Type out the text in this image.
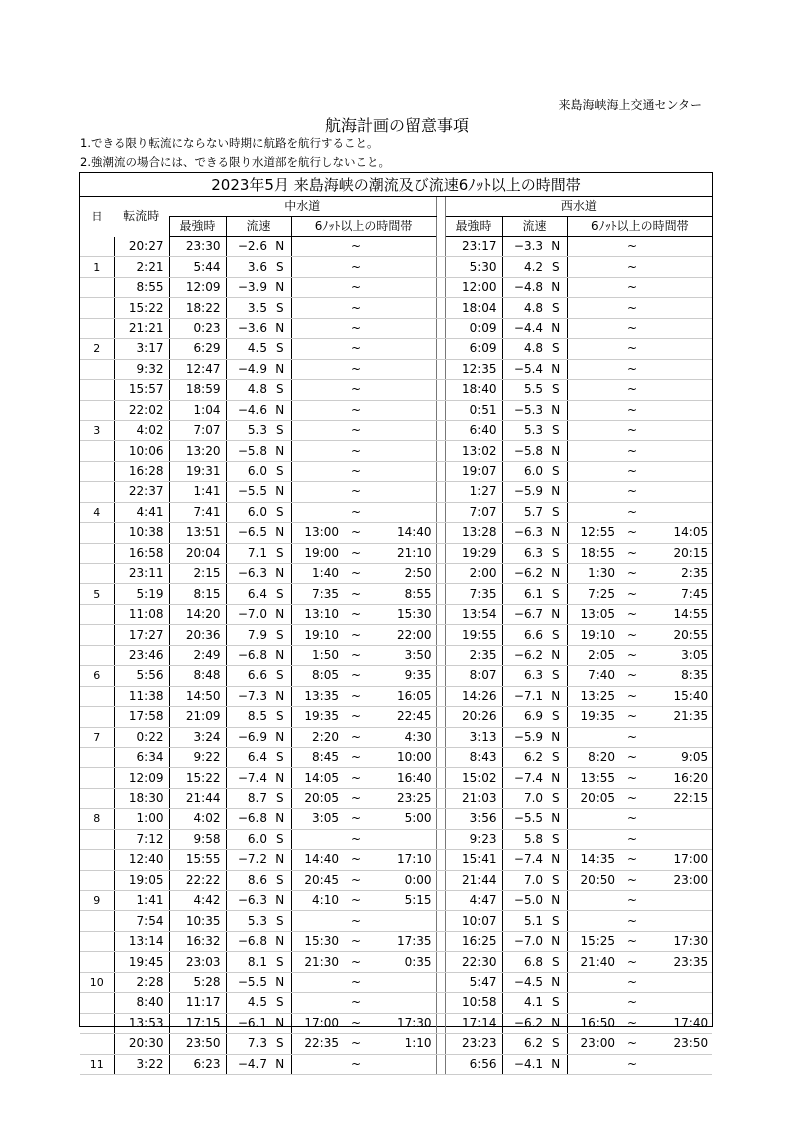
来島海峡海上交通センター
航海計画の留意事項
1.できる限り転流にならない時期に航路を航行すること。
2.強潮流の場合には、できる限り水道部を航行しないこと。
2023年5月 来島海峡の潮流及び流速6ﾉｯﾄ以上の時間帯
日	転流時	中水道							西水道					
		最強時	流速		6ﾉｯﾄ以上の時間帯				最強時	流速		6ﾉｯﾄ以上の時間帯		
	20:27	23:30	−2.6	N		~			23:17	−3.3	N		~	
1	2:21	5:44	3.6	S		~			5:30	4.2	S		~	
	8:55	12:09	−3.9	N		~			12:00	−4.8	N		~	
	15:22	18:22	3.5	S		~			18:04	4.8	S		~	
	21:21	0:23	−3.6	N		~			0:09	−4.4	N		~	
2	3:17	6:29	4.5	S		~			6:09	4.8	S		~	
	9:32	12:47	−4.9	N		~			12:35	−5.4	N		~	
	15:57	18:59	4.8	S		~			18:40	5.5	S		~	
	22:02	1:04	−4.6	N		~			0:51	−5.3	N		~	
3	4:02	7:07	5.3	S		~			6:40	5.3	S		~	
	10:06	13:20	−5.8	N		~			13:02	−5.8	N		~	
	16:28	19:31	6.0	S		~			19:07	6.0	S		~	
	22:37	1:41	−5.5	N		~			1:27	−5.9	N		~	
4	4:41	7:41	6.0	S		~			7:07	5.7	S		~	
	10:38	13:51	−6.5	N	13:00	~	14:40		13:28	−6.3	N	12:55	~	14:05
	16:58	20:04	7.1	S	19:00	~	21:10		19:29	6.3	S	18:55	~	20:15
	23:11	2:15	−6.3	N	1:40	~	2:50		2:00	−6.2	N	1:30	~	2:35
5	5:19	8:15	6.4	S	7:35	~	8:55		7:35	6.1	S	7:25	~	7:45
	11:08	14:20	−7.0	N	13:10	~	15:30		13:54	−6.7	N	13:05	~	14:55
	17:27	20:36	7.9	S	19:10	~	22:00		19:55	6.6	S	19:10	~	20:55
	23:46	2:49	−6.8	N	1:50	~	3:50		2:35	−6.2	N	2:05	~	3:05
6	5:56	8:48	6.6	S	8:05	~	9:35		8:07	6.3	S	7:40	~	8:35
	11:38	14:50	−7.3	N	13:35	~	16:05		14:26	−7.1	N	13:25	~	15:40
	17:58	21:09	8.5	S	19:35	~	22:45		20:26	6.9	S	19:35	~	21:35
7	0:22	3:24	−6.9	N	2:20	~	4:30		3:13	−5.9	N		~	
	6:34	9:22	6.4	S	8:45	~	10:00		8:43	6.2	S	8:20	~	9:05
	12:09	15:22	−7.4	N	14:05	~	16:40		15:02	−7.4	N	13:55	~	16:20
	18:30	21:44	8.7	S	20:05	~	23:25		21:03	7.0	S	20:05	~	22:15
8	1:00	4:02	−6.8	N	3:05	~	5:00		3:56	−5.5	N		~	
	7:12	9:58	6.0	S		~			9:23	5.8	S		~	
	12:40	15:55	−7.2	N	14:40	~	17:10		15:41	−7.4	N	14:35	~	17:00
	19:05	22:22	8.6	S	20:45	~	0:00		21:44	7.0	S	20:50	~	23:00
9	1:41	4:42	−6.3	N	4:10	~	5:15		4:47	−5.0	N		~	
	7:54	10:35	5.3	S		~			10:07	5.1	S		~	
	13:14	16:32	−6.8	N	15:30	~	17:35		16:25	−7.0	N	15:25	~	17:30
	19:45	23:03	8.1	S	21:30	~	0:35		22:30	6.8	S	21:40	~	23:35
10	2:28	5:28	−5.5	N		~			5:47	−4.5	N		~	
	8:40	11:17	4.5	S		~			10:58	4.1	S		~	
	13:53	17:15	−6.1	N	17:00	~	17:30		17:14	−6.2	N	16:50	~	17:40
	20:30	23:50	7.3	S	22:35	~	1:10		23:23	6.2	S	23:00	~	23:50
11	3:22	6:23	−4.7	N		~			6:56	−4.1	N		~	
